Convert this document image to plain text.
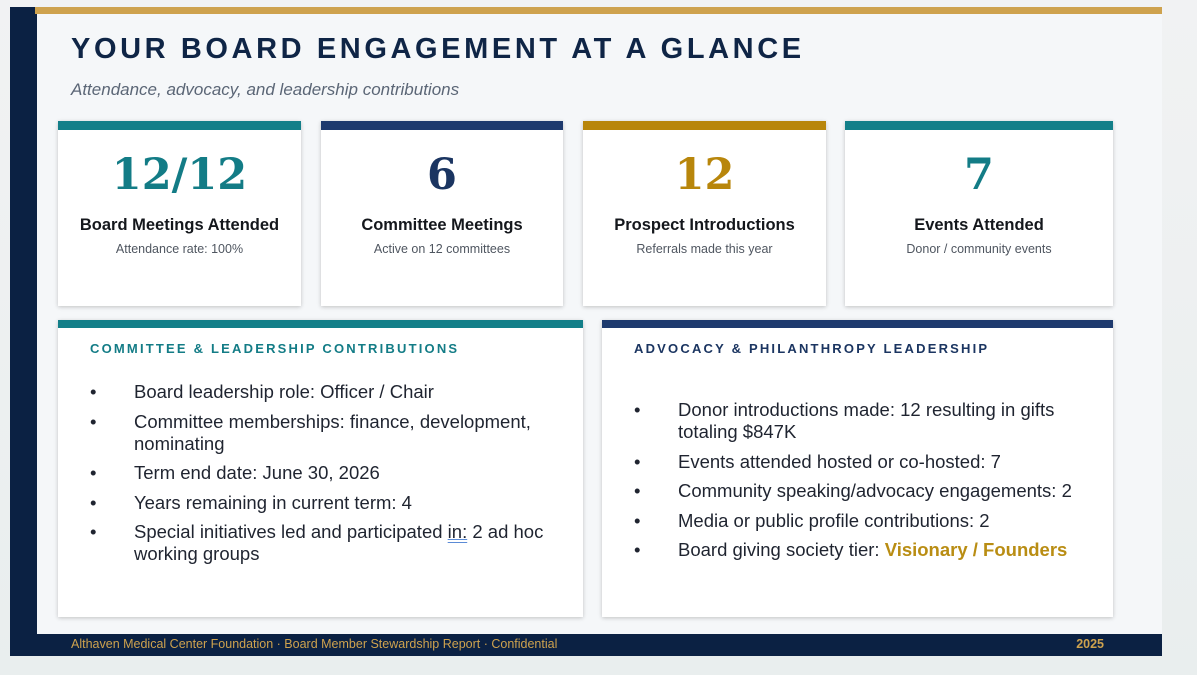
YOUR BOARD ENGAGEMENT AT A GLANCE
Attendance, advocacy, and leadership contributions
12/12
Board Meetings Attended
Attendance rate: 100%
6
Committee Meetings
Active on 12 committees
12
Prospect Introductions
Referrals made this year
7
Events Attended
Donor / community events
COMMITTEE & LEADERSHIP CONTRIBUTIONS
•	Board leadership role: Officer / Chair
•	Committee memberships: finance, development, nominating
•	Term end date: June 30, 2026
•	Years remaining in current term: 4
•	Special initiatives led and participated in: 2 ad hoc working groups
ADVOCACY & PHILANTHROPY LEADERSHIP
•	Donor introductions made: 12 resulting in gifts totaling $847K
•	Events attended hosted or co-hosted: 7
•	Community speaking/advocacy engagements: 2
•	Media or public profile contributions: 2
•	Board giving society tier: Visionary / Founders
Althaven Medical Center Foundation · Board Member Stewardship Report · Confidential	2025
